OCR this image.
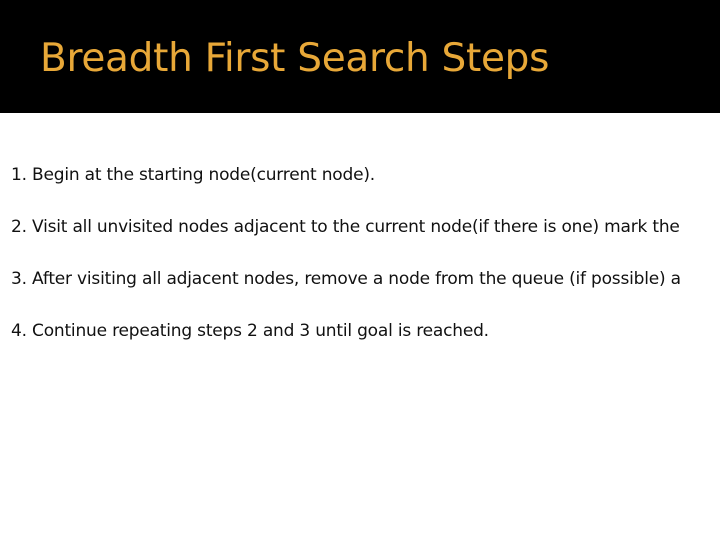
Breadth First Search Steps
1. Begin at the starting node(current node).
2. Visit all unvisited nodes adjacent to the current node(if there is one) mark the
3. After visiting all adjacent nodes, remove a node from the queue (if possible) a
4. Continue repeating steps 2 and 3 until goal is reached.
